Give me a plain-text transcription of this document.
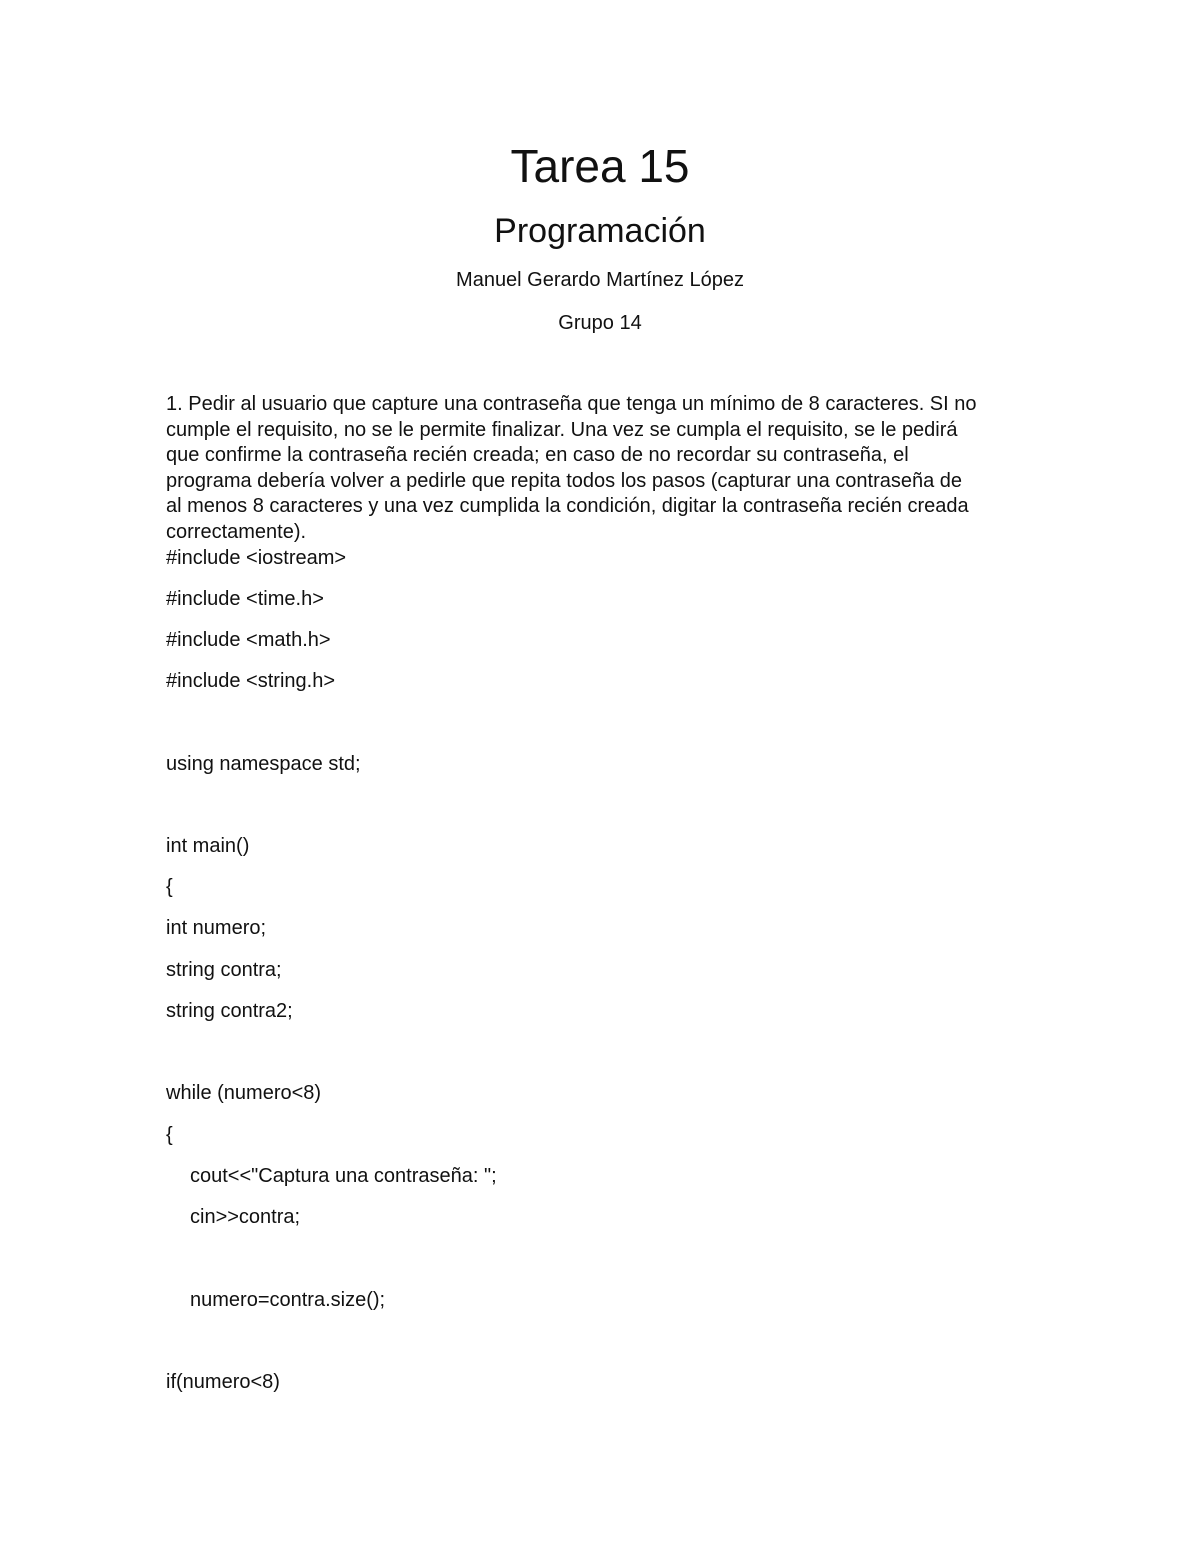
Tarea 15
Programación
Manuel Gerardo Martínez López
Grupo 14
1. Pedir al usuario que capture una contraseña que tenga un mínimo de 8 caracteres. SI no
cumple el requisito, no se le permite finalizar. Una vez se cumpla el requisito, se le pedirá
que confirme la contraseña recién creada; en caso de no recordar su contraseña, el
programa debería volver a pedirle que repita todos los pasos (capturar una contraseña de
al menos 8 caracteres y una vez cumplida la condición, digitar la contraseña recién creada
correctamente).
#include <iostream>
#include <time.h>
#include <math.h>
#include <string.h>
using namespace std;
int main()
{
int numero;
string contra;
string contra2;
while (numero<8)
{
cout<<"Captura una contraseña: ";
cin>>contra;
numero=contra.size();
if(numero<8)
